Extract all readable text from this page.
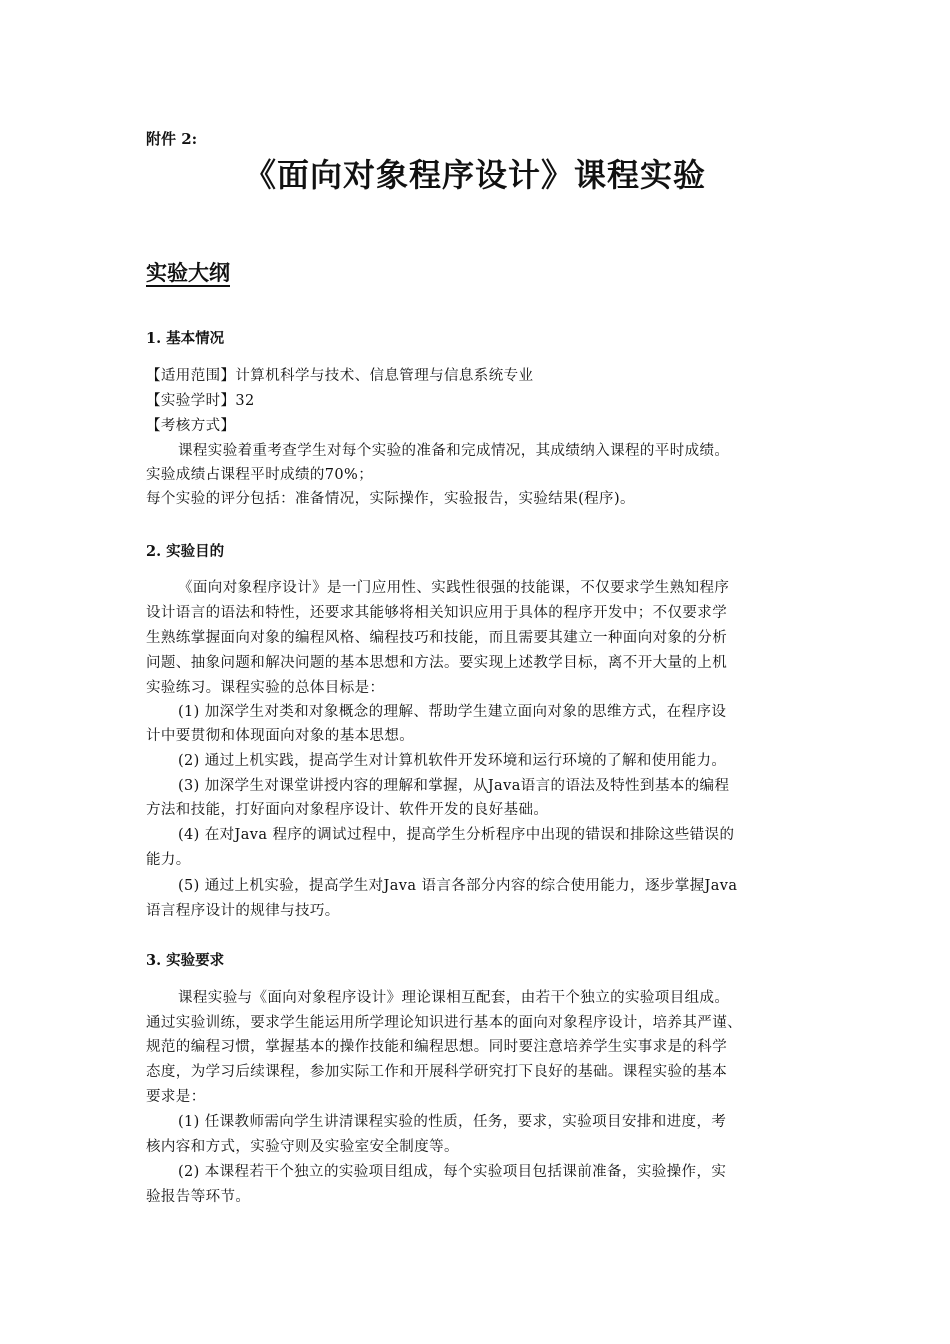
附件 2:
《面向对象程序设计》课程实验
实验大纲
1. 基本情况
【适用范围】计算机科学与技术、信息管理与信息系统专业
【实验学时】32
【考核方式】
课程实验着重考查学生对每个实验的准备和完成情况，其成绩纳入课程的平时成绩。
实验成绩占课程平时成绩的70%；
每个实验的评分包括：准备情况，实际操作，实验报告，实验结果(程序)。
2. 实验目的
《面向对象程序设计》是一门应用性、实践性很强的技能课，不仅要求学生熟知程序
设计语言的语法和特性，还要求其能够将相关知识应用于具体的程序开发中；不仅要求学
生熟练掌握面向对象的编程风格、编程技巧和技能，而且需要其建立一种面向对象的分析
问题、抽象问题和解决问题的基本思想和方法。要实现上述教学目标，离不开大量的上机
实验练习。课程实验的总体目标是：
(1) 加深学生对类和对象概念的理解、帮助学生建立面向对象的思维方式，在程序设
计中要贯彻和体现面向对象的基本思想。
(2) 通过上机实践，提高学生对计算机软件开发环境和运行环境的了解和使用能力。
(3) 加深学生对课堂讲授内容的理解和掌握，从Java语言的语法及特性到基本的编程
方法和技能，打好面向对象程序设计、软件开发的良好基础。
(4) 在对Java 程序的调试过程中，提高学生分析程序中出现的错误和排除这些错误的
能力。
(5) 通过上机实验，提高学生对Java 语言各部分内容的综合使用能力，逐步掌握Java
语言程序设计的规律与技巧。
3. 实验要求
课程实验与《面向对象程序设计》理论课相互配套，由若干个独立的实验项目组成。
通过实验训练，要求学生能运用所学理论知识进行基本的面向对象程序设计，培养其严谨、
规范的编程习惯，掌握基本的操作技能和编程思想。同时要注意培养学生实事求是的科学
态度，为学习后续课程，参加实际工作和开展科学研究打下良好的基础。课程实验的基本
要求是：
(1) 任课教师需向学生讲清课程实验的性质，任务，要求，实验项目安排和进度，考
核内容和方式，实验守则及实验室安全制度等。
(2) 本课程若干个独立的实验项目组成，每个实验项目包括课前准备，实验操作，实
验报告等环节。
